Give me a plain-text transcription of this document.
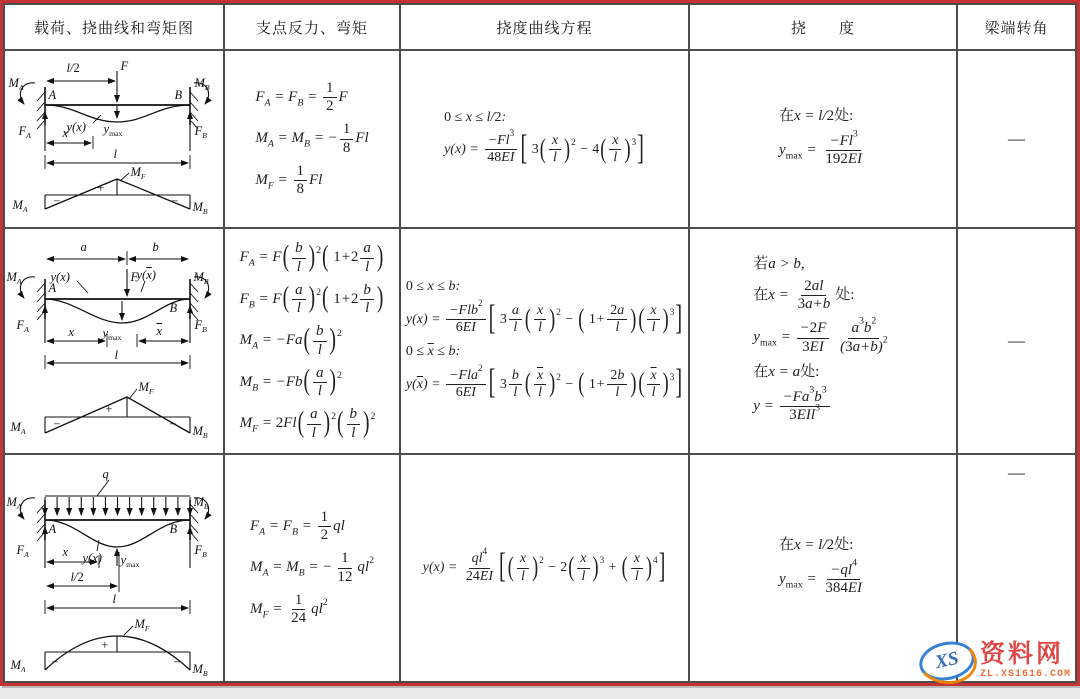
载荷、挠曲线和弯矩图	支点反力、弯矩	挠度曲线方程	挠　　度	梁端转角

l/2	F
$M_A$
A	B
$M_B$
$F_A$	x
y(x) $y_{max}$	$F_B$
l
$M_A$
−
+
$M_F$
− $M_B$

$F_A = F_B = \frac{1}{2}$ F
$M_A = M_B$ = − $\frac{1}{8}$ Fl
$M_F = \frac{1}{8}$ Fl

0 ≤ x ≤ l/2:
$y(x) = \frac{-Fl^3}{48EI}$ [ $3( \frac{x}{l} )^2 - 4( \frac{x}{l} )^3$]

在x = l/2处:
$y_{max} = \frac{-Fl^3}{192EI}$	—

a	b
F
y(x)	$y(\overline{x})$
$M_A$ A
B
$M_B$
$F_A$	x $y_{max}$	$\overline{x}$	$F_B$
l
$M_A$
−
+
$M_F$
− $M_B$

$F_A = F( \frac{b}{l} )^2$( $1+2 \frac{a}{l}$ )
$F_B = F( \frac{a}{l} )^2$( $1+2 \frac{b}{l}$ )
$M_A = -Fa( \frac{b}{l} )^2$
$M_B = -Fb( \frac{a}{l} )^2$
$M_F = 2Fl( \frac{a}{l} )^2( \frac{b}{l} )^2$

0 ≤ x ≤ b:
$y(x) = \frac{-Flb^2}{6EI}$ [ $3 \frac{a}{l}$ ( $\frac{x}{l} )^2$ − ( $1+ \frac{2a}{l}$ ) ( $\frac{x}{l} )^3$]
$0 \le \overline{x} \le b$:
$y(\overline{x}) = \frac{-Fla^2}{6EI}$ [ $3 \frac{b}{l}$ ( $\frac{\overline{x}}{l} )^2$ − ( $1+ \frac{2b}{l}$ ) ( $\frac{\overline{x}}{l} )^3$]

若a > b,
在$x = \frac{2al}{3a+b}$ 处:
$y_{max} = \frac{-2F}{3EI}$
$\frac{a^3b^2}{(3a+b)^2}$
在x = a处:
$y = \frac{-Fa^3b^3}{3EIl^3}$
	—

q
$M_A$
A	B
$M_B$
$F_A$	x y(x) $y_{max}$
$F_B$
l/2
l
$M_A$
−
+
$M_F$
− $M_B$

$F_A = F_B = \frac{1}{2}$ ql
$M_A = M_B$ = − $\frac{1}{12} ql^2$
$M_F = \frac{1}{24} ql^2$

$y(x) = \frac{ql^4}{24EI}$ [ ( $\frac{x}{l} )^2 - 2( \frac{x}{l} )^3$ + ( $\frac{x}{l} )^4$]

在x = l/2处:
$y_{max} = \frac{-ql^4}{384EI}$
	—
XS 资料网
ZL.XS1616.COM
